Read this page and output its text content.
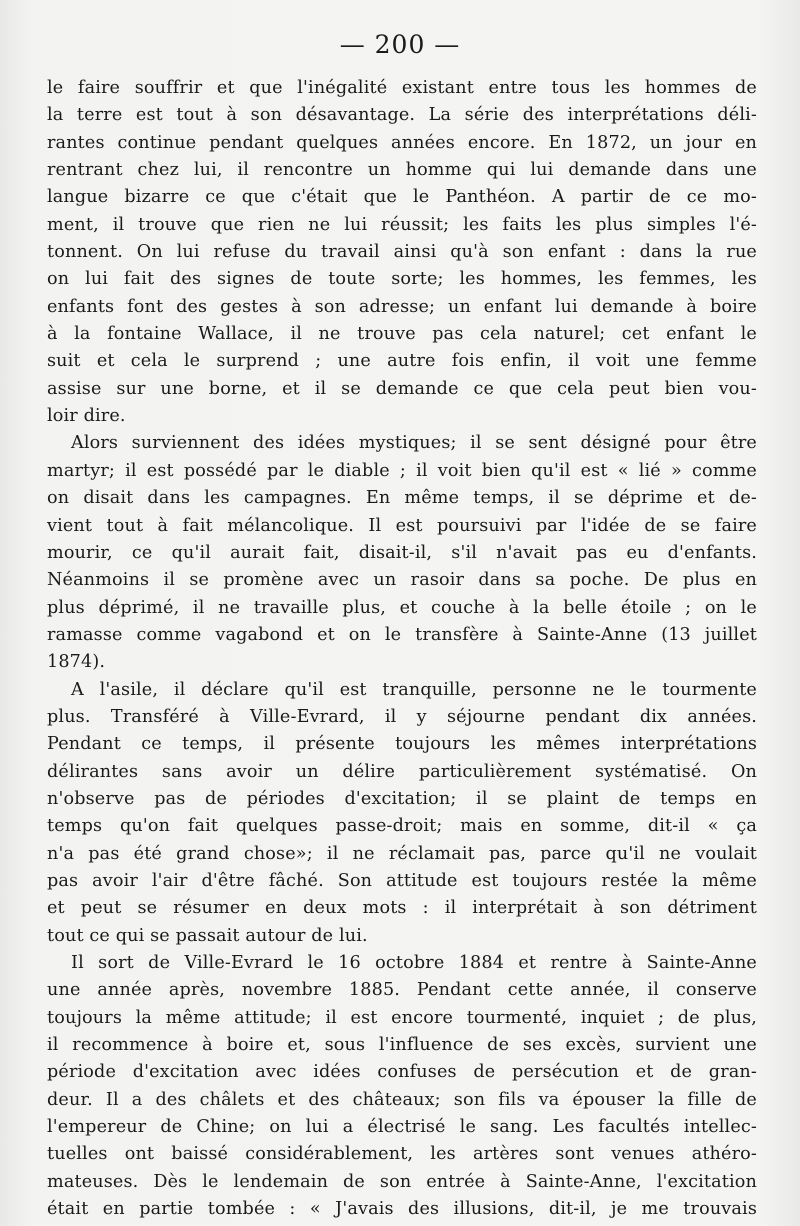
— 200 —
le faire souffrir et que l'inégalité existant entre tous les hommes de
la terre est tout à son désavantage. La série des interprétations déli-
rantes continue pendant quelques années encore. En 1872, un jour en
rentrant chez lui, il rencontre un homme qui lui demande dans une
langue bizarre ce que c'était que le Panthéon. A partir de ce mo-
ment, il trouve que rien ne lui réussit; les faits les plus simples l'é-
tonnent. On lui refuse du travail ainsi qu'à son enfant : dans la rue
on lui fait des signes de toute sorte; les hommes, les femmes, les
enfants font des gestes à son adresse; un enfant lui demande à boire
à la fontaine Wallace, il ne trouve pas cela naturel; cet enfant le
suit et cela le surprend ; une autre fois enfin, il voit une femme
assise sur une borne, et il se demande ce que cela peut bien vou-
loir dire.
Alors surviennent des idées mystiques; il se sent désigné pour être
martyr; il est possédé par le diable ; il voit bien qu'il est « lié » comme
on disait dans les campagnes. En même temps, il se déprime et de-
vient tout à fait mélancolique. Il est poursuivi par l'idée de se faire
mourir, ce qu'il aurait fait, disait-il, s'il n'avait pas eu d'enfants.
Néanmoins il se promène avec un rasoir dans sa poche. De plus en
plus déprimé, il ne travaille plus, et couche à la belle étoile ; on le
ramasse comme vagabond et on le transfère à Sainte-Anne (13 juillet
1874).
A l'asile, il déclare qu'il est tranquille, personne ne le tourmente
plus. Transféré à Ville-Evrard, il y séjourne pendant dix années.
Pendant ce temps, il présente toujours les mêmes interprétations
délirantes sans avoir un délire particulièrement systématisé. On
n'observe pas de périodes d'excitation; il se plaint de temps en
temps qu'on fait quelques passe-droit; mais en somme, dit-il « ça
n'a pas été grand chose»; il ne réclamait pas, parce qu'il ne voulait
pas avoir l'air d'être fâché. Son attitude est toujours restée la même
et peut se résumer en deux mots : il interprétait à son détriment
tout ce qui se passait autour de lui.
Il sort de Ville-Evrard le 16 octobre 1884 et rentre à Sainte-Anne
une année après, novembre 1885. Pendant cette année, il conserve
toujours la même attitude; il est encore tourmenté, inquiet ; de plus,
il recommence à boire et, sous l'influence de ses excès, survient une
période d'excitation avec idées confuses de persécution et de gran-
deur. Il a des châlets et des châteaux; son fils va épouser la fille de
l'empereur de Chine; on lui a électrisé le sang. Les facultés intellec-
tuelles ont baissé considérablement, les artères sont venues athéro-
mateuses. Dès le lendemain de son entrée à Sainte-Anne, l'excitation
était en partie tombée : « J'avais des illusions, dit-il, je me trouvais
